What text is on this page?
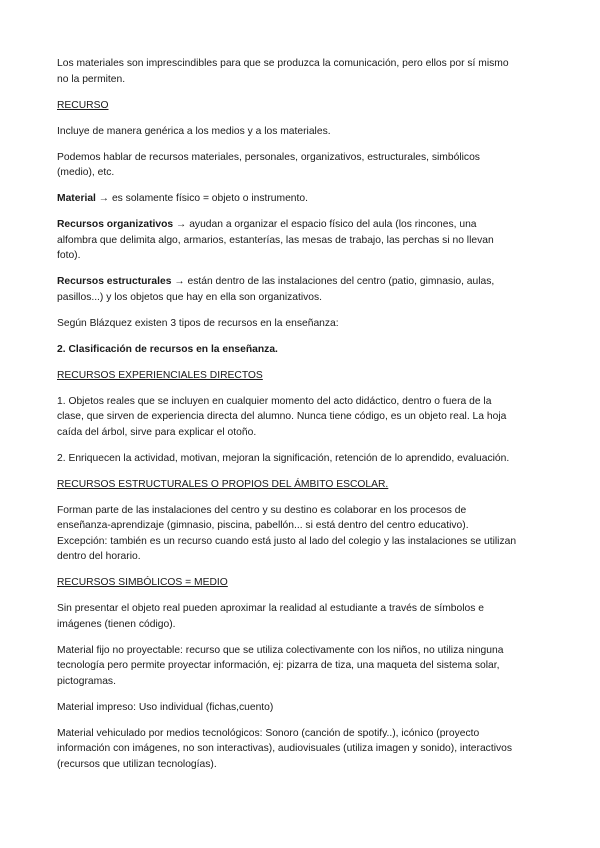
Los materiales son imprescindibles para que se produzca la comunicación, pero ellos por sí mismo no la permiten.

RECURSO

Incluye de manera genérica a los medios y a los materiales.

Podemos hablar de recursos materiales, personales, organizativos, estructurales, simbólicos (medio), etc.

Material → es solamente físico = objeto o instrumento.

Recursos organizativos → ayudan a organizar el espacio físico del aula (los rincones, una alfombra que delimita algo, armarios, estanterías, las mesas de trabajo, las perchas si no llevan foto).

Recursos estructurales → están dentro de las instalaciones del centro (patio, gimnasio, aulas, pasillos...) y los objetos que hay en ella son organizativos.

Según Blázquez existen 3 tipos de recursos en la enseñanza:

2. Clasificación de recursos en la enseñanza.

RECURSOS EXPERIENCIALES DIRECTOS

1. Objetos reales que se incluyen en cualquier momento del acto didáctico, dentro o fuera de la clase, que sirven de experiencia directa del alumno. Nunca tiene código, es un objeto real. La hoja caída del árbol, sirve para explicar el otoño.

2. Enriquecen la actividad, motivan, mejoran la significación, retención de lo aprendido, evaluación.

RECURSOS ESTRUCTURALES O PROPIOS DEL ÁMBITO ESCOLAR.

Forman parte de las instalaciones del centro y su destino es colaborar en los procesos de enseñanza-aprendizaje (gimnasio, piscina, pabellón... si está dentro del centro educativo). Excepción: también es un recurso cuando está justo al lado del colegio y las instalaciones se utilizan dentro del horario.

RECURSOS SIMBÓLICOS = MEDIO

Sin presentar el objeto real pueden aproximar la realidad al estudiante a través de símbolos e imágenes (tienen código).

Material fijo no proyectable: recurso que se utiliza colectivamente con los niños, no utiliza ninguna tecnología pero permite proyectar información, ej: pizarra de tiza, una maqueta del sistema solar, pictogramas.

Material impreso: Uso individual (fichas,cuento)

Material vehiculado por medios tecnológicos: Sonoro (canción de spotify..), icónico (proyecto información con imágenes, no son interactivas), audiovisuales (utiliza imagen y sonido), interactivos (recursos que utilizan tecnologías).
